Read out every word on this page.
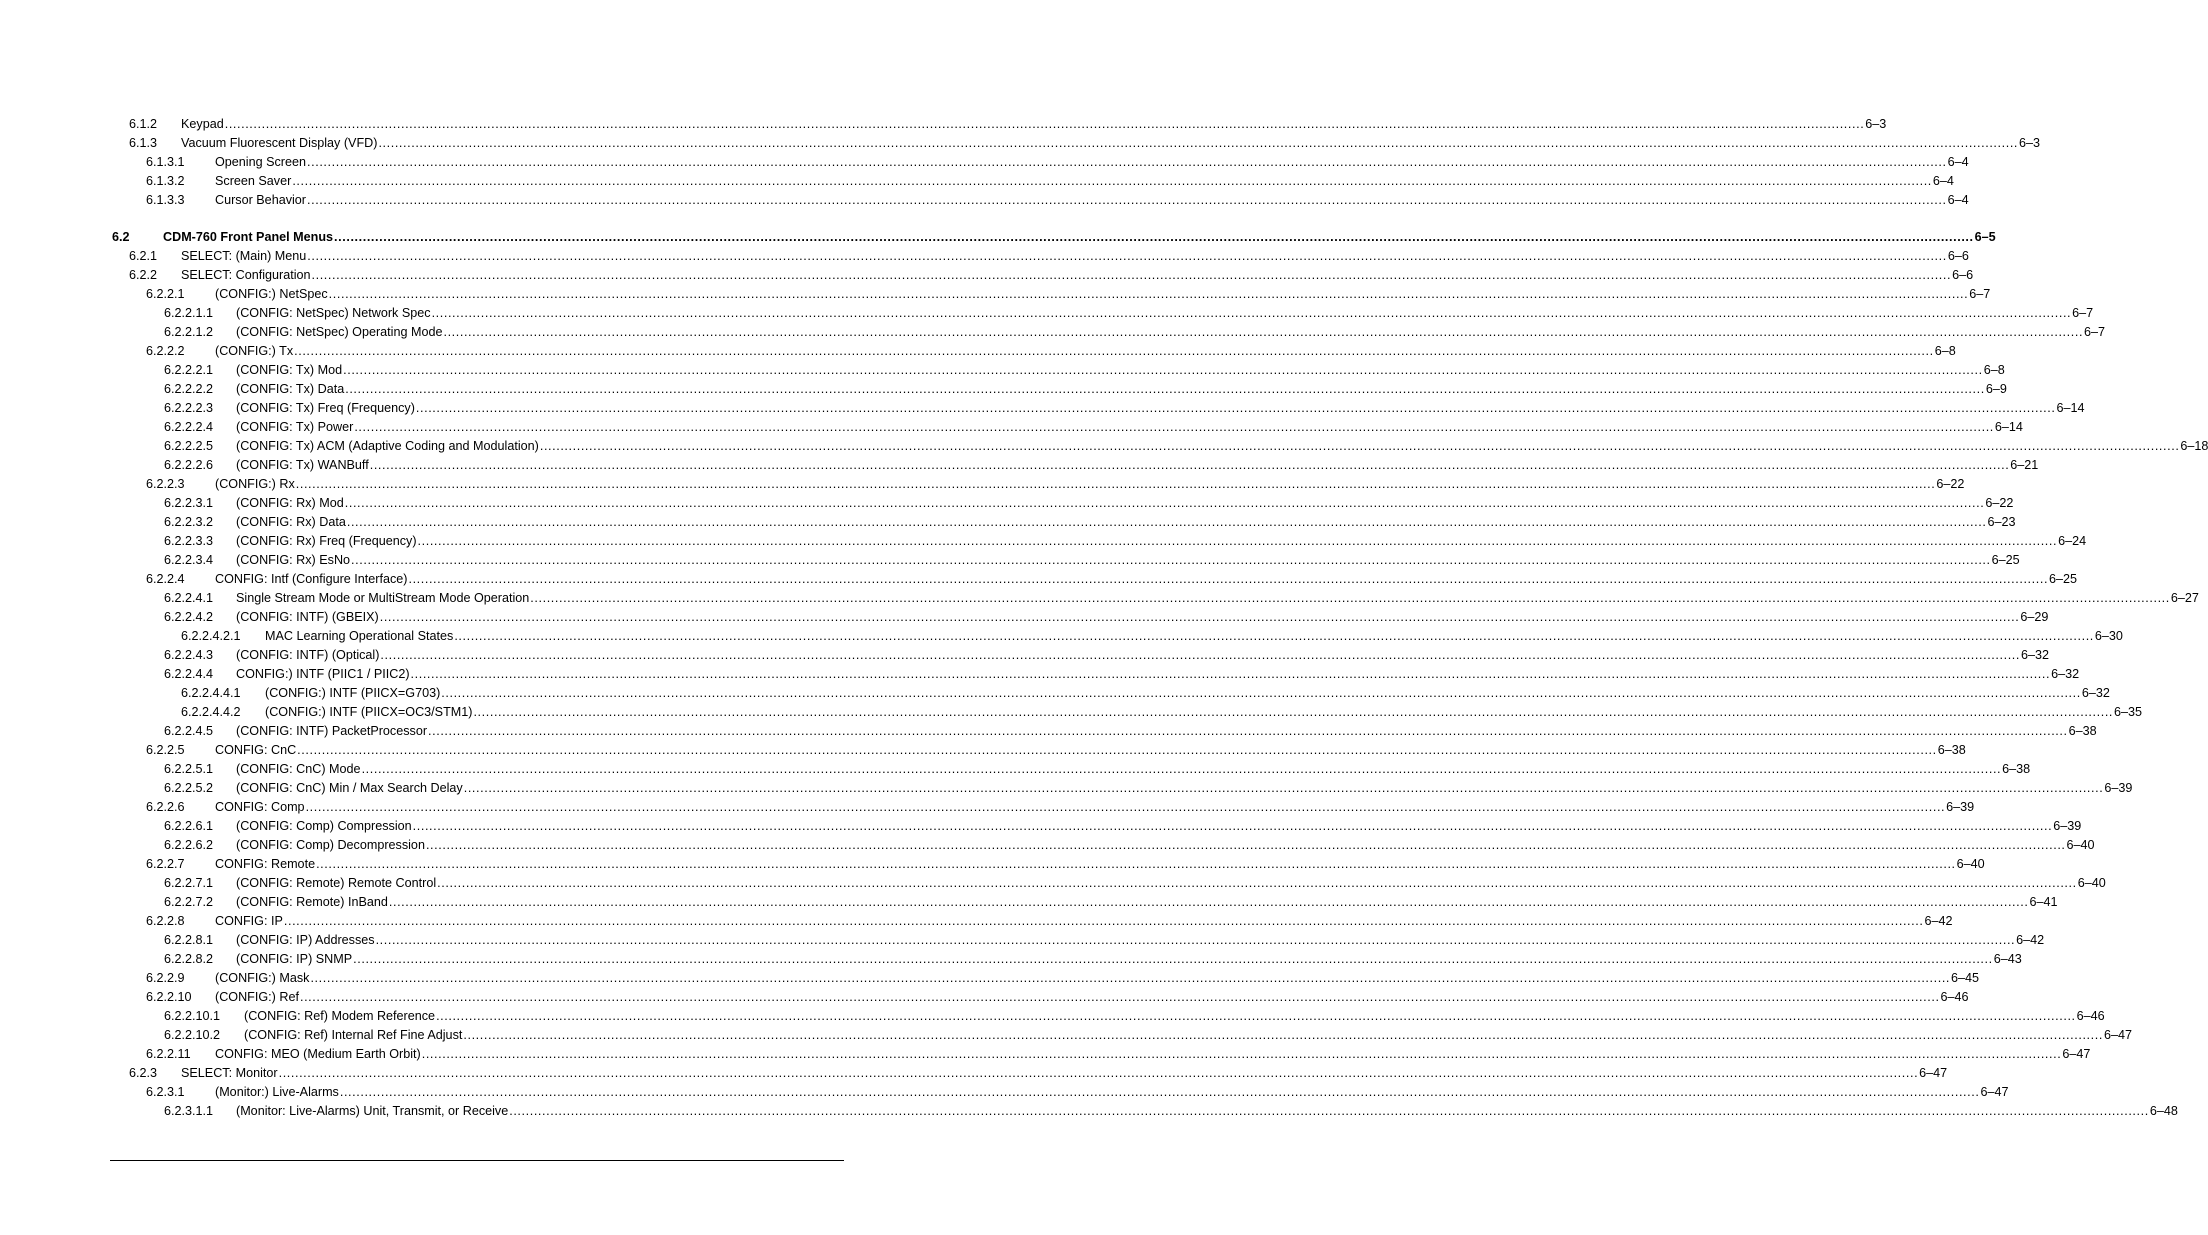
6.1.2	Keypad ................................................................................................................................................................................................................................................................................................................................................................................................................ 6–3
6.1.3	Vacuum Fluorescent Display (VFD) ................................................................................................................................................................................................................................................................................................................................................................................................................ 6–3
6.1.3.1	Opening Screen ................................................................................................................................................................................................................................................................................................................................................................................................................ 6–4
6.1.3.2	Screen Saver ................................................................................................................................................................................................................................................................................................................................................................................................................ 6–4
6.1.3.3	Cursor Behavior ................................................................................................................................................................................................................................................................................................................................................................................................................ 6–4
6.2	CDM-760 Front Panel Menus ................................................................................................................................................................................................................................................................................................................................................................................................................ 6–5
6.2.1	SELECT: (Main) Menu ................................................................................................................................................................................................................................................................................................................................................................................................................ 6–6
6.2.2	SELECT: Configuration ................................................................................................................................................................................................................................................................................................................................................................................................................ 6–6
6.2.2.1	(CONFIG:) NetSpec ................................................................................................................................................................................................................................................................................................................................................................................................................ 6–7
6.2.2.1.1	(CONFIG: NetSpec) Network Spec ................................................................................................................................................................................................................................................................................................................................................................................................................ 6–7
6.2.2.1.2	(CONFIG: NetSpec) Operating Mode ................................................................................................................................................................................................................................................................................................................................................................................................................ 6–7
6.2.2.2	(CONFIG:) Tx ................................................................................................................................................................................................................................................................................................................................................................................................................ 6–8
6.2.2.2.1	(CONFIG: Tx) Mod ................................................................................................................................................................................................................................................................................................................................................................................................................ 6–8
6.2.2.2.2	(CONFIG: Tx) Data ................................................................................................................................................................................................................................................................................................................................................................................................................ 6–9
6.2.2.2.3	(CONFIG: Tx) Freq (Frequency) ................................................................................................................................................................................................................................................................................................................................................................................................................ 6–14
6.2.2.2.4	(CONFIG: Tx) Power ................................................................................................................................................................................................................................................................................................................................................................................................................ 6–14
6.2.2.2.5	(CONFIG: Tx) ACM (Adaptive Coding and Modulation) ................................................................................................................................................................................................................................................................................................................................................................................................................ 6–18
6.2.2.2.6	(CONFIG: Tx) WANBuff ................................................................................................................................................................................................................................................................................................................................................................................................................ 6–21
6.2.2.3	(CONFIG:) Rx ................................................................................................................................................................................................................................................................................................................................................................................................................ 6–22
6.2.2.3.1	(CONFIG: Rx) Mod ................................................................................................................................................................................................................................................................................................................................................................................................................ 6–22
6.2.2.3.2	(CONFIG: Rx) Data ................................................................................................................................................................................................................................................................................................................................................................................................................ 6–23
6.2.2.3.3	(CONFIG: Rx) Freq (Frequency) ................................................................................................................................................................................................................................................................................................................................................................................................................ 6–24
6.2.2.3.4	(CONFIG: Rx) EsNo ................................................................................................................................................................................................................................................................................................................................................................................................................ 6–25
6.2.2.4	CONFIG: Intf (Configure Interface) ................................................................................................................................................................................................................................................................................................................................................................................................................ 6–25
6.2.2.4.1	Single Stream Mode or MultiStream Mode Operation ................................................................................................................................................................................................................................................................................................................................................................................................................ 6–27
6.2.2.4.2	(CONFIG: INTF) (GBEIX) ................................................................................................................................................................................................................................................................................................................................................................................................................ 6–29
6.2.2.4.2.1	MAC Learning Operational States ................................................................................................................................................................................................................................................................................................................................................................................................................ 6–30
6.2.2.4.3	(CONFIG: INTF) (Optical) ................................................................................................................................................................................................................................................................................................................................................................................................................ 6–32
6.2.2.4.4	CONFIG:) INTF (PIIC1 / PIIC2) ................................................................................................................................................................................................................................................................................................................................................................................................................ 6–32
6.2.2.4.4.1	(CONFIG:) INTF (PIICX=G703) ................................................................................................................................................................................................................................................................................................................................................................................................................ 6–32
6.2.2.4.4.2	(CONFIG:) INTF (PIICX=OC3/STM1) ................................................................................................................................................................................................................................................................................................................................................................................................................ 6–35
6.2.2.4.5	(CONFIG: INTF) PacketProcessor ................................................................................................................................................................................................................................................................................................................................................................................................................ 6–38
6.2.2.5	CONFIG: CnC ................................................................................................................................................................................................................................................................................................................................................................................................................ 6–38
6.2.2.5.1	(CONFIG: CnC) Mode ................................................................................................................................................................................................................................................................................................................................................................................................................ 6–38
6.2.2.5.2	(CONFIG: CnC) Min / Max Search Delay ................................................................................................................................................................................................................................................................................................................................................................................................................ 6–39
6.2.2.6	CONFIG: Comp ................................................................................................................................................................................................................................................................................................................................................................................................................ 6–39
6.2.2.6.1	(CONFIG: Comp) Compression ................................................................................................................................................................................................................................................................................................................................................................................................................ 6–39
6.2.2.6.2	(CONFIG: Comp) Decompression ................................................................................................................................................................................................................................................................................................................................................................................................................ 6–40
6.2.2.7	CONFIG: Remote ................................................................................................................................................................................................................................................................................................................................................................................................................ 6–40
6.2.2.7.1	(CONFIG: Remote) Remote Control ................................................................................................................................................................................................................................................................................................................................................................................................................ 6–40
6.2.2.7.2	(CONFIG: Remote) InBand ................................................................................................................................................................................................................................................................................................................................................................................................................ 6–41
6.2.2.8	CONFIG: IP ................................................................................................................................................................................................................................................................................................................................................................................................................ 6–42
6.2.2.8.1	(CONFIG: IP) Addresses ................................................................................................................................................................................................................................................................................................................................................................................................................ 6–42
6.2.2.8.2	(CONFIG: IP) SNMP ................................................................................................................................................................................................................................................................................................................................................................................................................ 6–43
6.2.2.9	(CONFIG:) Mask ................................................................................................................................................................................................................................................................................................................................................................................................................ 6–45
6.2.2.10	(CONFIG:) Ref ................................................................................................................................................................................................................................................................................................................................................................................................................ 6–46
6.2.2.10.1	(CONFIG: Ref) Modem Reference ................................................................................................................................................................................................................................................................................................................................................................................................................ 6–46
6.2.2.10.2	(CONFIG: Ref) Internal Ref Fine Adjust ................................................................................................................................................................................................................................................................................................................................................................................................................ 6–47
6.2.2.11	CONFIG: MEO (Medium Earth Orbit) ................................................................................................................................................................................................................................................................................................................................................................................................................ 6–47
6.2.3	SELECT: Monitor ................................................................................................................................................................................................................................................................................................................................................................................................................ 6–47
6.2.3.1	(Monitor:) Live-Alarms ................................................................................................................................................................................................................................................................................................................................................................................................................ 6–47
6.2.3.1.1	(Monitor: Live-Alarms) Unit, Transmit, or Receive ................................................................................................................................................................................................................................................................................................................................................................................................................ 6–48
